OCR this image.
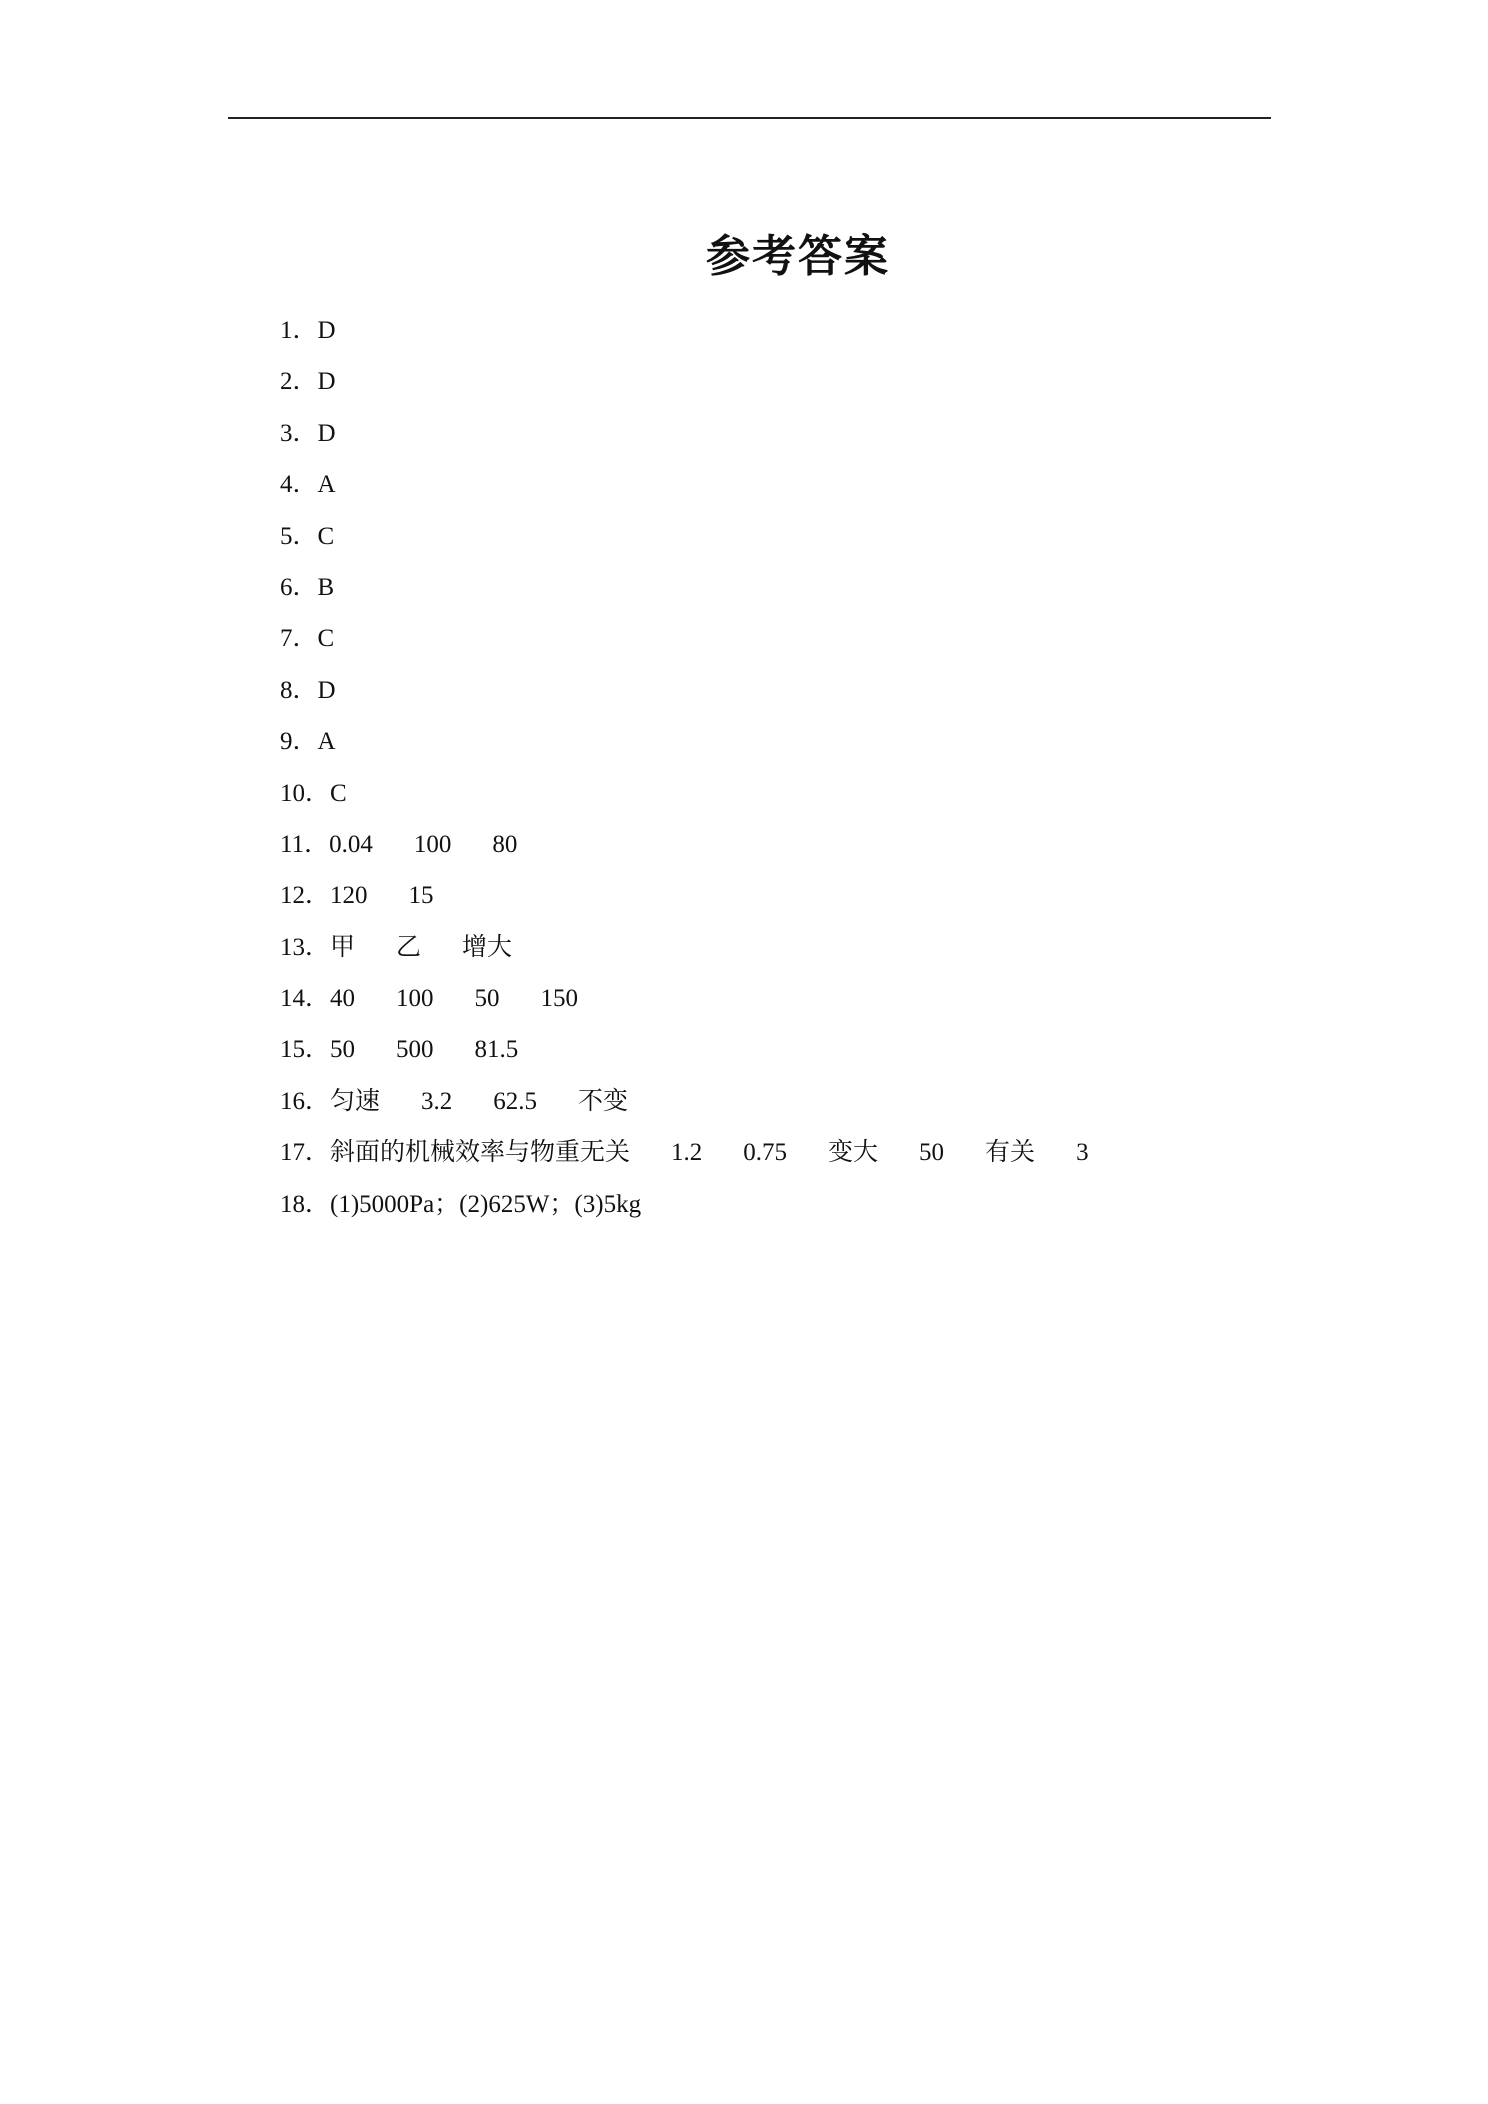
参考答案
1．D
2．D
3．D
4．A
5．C
6．B
7．C
8．D
9．A
10．C
11．0.04 100 80
12．120 15
13．甲 乙 增大
14．40 100 50 150
15．50 500 81.5
16．匀速 3.2 62.5 不变
17．斜面的机械效率与物重无关 1.2 0.75 变大 50 有关 3
18．(1)5000Pa；(2)625W；(3)5kg
